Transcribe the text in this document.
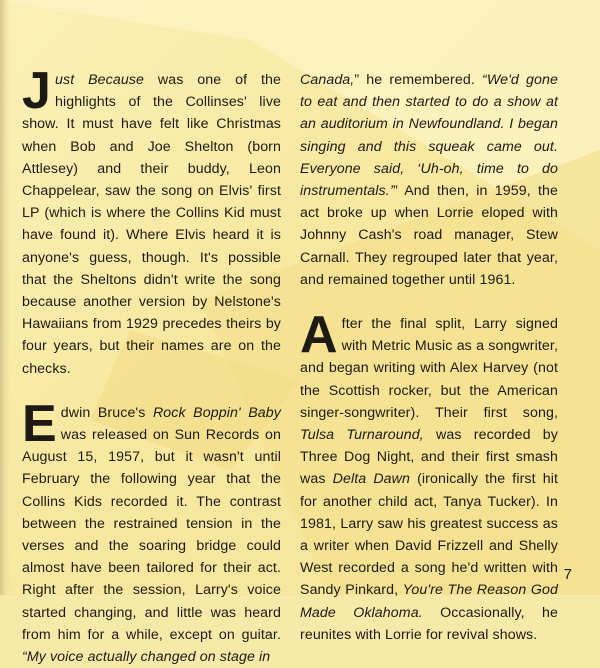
Just Because was one of the highlights of the Collinses' live show. It must have felt like Christmas when Bob and Joe Shelton (born Attlesey) and their buddy, Leon Chappelear, saw the song on Elvis' first LP (which is where the Collins Kid must have found it). Where Elvis heard it is anyone's guess, though. It's possible that the Sheltons didn't write the song because another version by Nelstone's Hawaiians from 1929 precedes theirs by four years, but their names are on the checks.

Edwin Bruce's Rock Boppin' Baby was released on Sun Records on August 15, 1957, but it wasn't until February the following year that the Collins Kids recorded it. The contrast between the restrained tension in the verses and the soaring bridge could almost have been tailored for their act. Right after the session, Larry's voice started changing, and little was heard from him for a while, except on guitar. “My voice actually changed on stage in

Canada,” he remembered. “We'd gone to eat and then started to do a show at an auditorium in Newfoundland. I began singing and this squeak came out. Everyone said, ‘Uh-oh, time to do instrumentals.’” And then, in 1959, the act broke up when Lorrie eloped with Johnny Cash's road manager, Stew Carnall. They regrouped later that year, and remained together until 1961.

After the final split, Larry signed with Metric Music as a songwriter, and began writing with Alex Harvey (not the Scottish rocker, but the American singer-songwriter). Their first song, Tulsa Turnaround, was recorded by Three Dog Night, and their first smash was Delta Dawn (ironically the first hit for another child act, Tanya Tucker). In 1981, Larry saw his greatest success as a writer when David Frizzell and Shelly West recorded a song he'd written with Sandy Pinkard, You're The Reason God Made Oklahoma. Occasionally, he reunites with Lorrie for revival shows.

7
